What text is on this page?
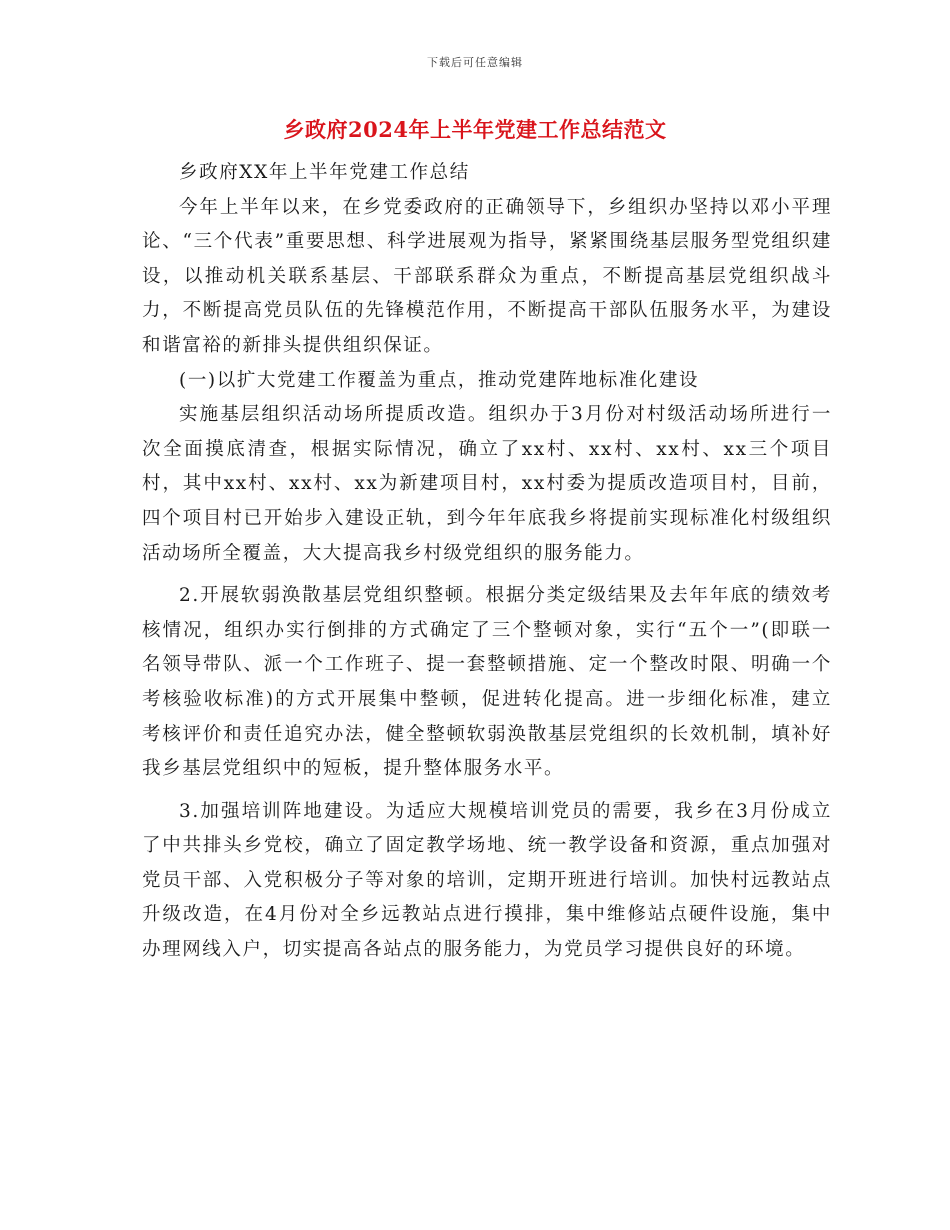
下载后可任意编辑
乡政府2024年上半年党建工作总结范文

乡政府XX年上半年党建工作总结

今年上半年以来，在乡党委政府的正确领导下，乡组织办坚持以邓小平理论、“三个代表”重要思想、科学进展观为指导，紧紧围绕基层服务型党组织建设，以推动机关联系基层、干部联系群众为重点，不断提高基层党组织战斗力，不断提高党员队伍的先锋模范作用，不断提高干部队伍服务水平，为建设和谐富裕的新排头提供组织保证。

(一)以扩大党建工作覆盖为重点，推动党建阵地标准化建设

实施基层组织活动场所提质改造。组织办于3月份对村级活动场所进行一次全面摸底清查，根据实际情况，确立了xx村、xx村、xx村、xx三个项目村，其中xx村、xx村、xx为新建项目村，xx村委为提质改造项目村，目前，四个项目村已开始步入建设正轨，到今年年底我乡将提前实现标准化村级组织活动场所全覆盖，大大提高我乡村级党组织的服务能力。

2.开展软弱涣散基层党组织整顿。根据分类定级结果及去年年底的绩效考核情况，组织办实行倒排的方式确定了三个整顿对象，实行“五个一”(即联一名领导带队、派一个工作班子、提一套整顿措施、定一个整改时限、明确一个考核验收标准)的方式开展集中整顿，促进转化提高。进一步细化标准，建立考核评价和责任追究办法，健全整顿软弱涣散基层党组织的长效机制，填补好我乡基层党组织中的短板，提升整体服务水平。

3.加强培训阵地建设。为适应大规模培训党员的需要，我乡在3月份成立了中共排头乡党校，确立了固定教学场地、统一教学设备和资源，重点加强对党员干部、入党积极分子等对象的培训，定期开班进行培训。加快村远教站点升级改造，在4月份对全乡远教站点进行摸排，集中维修站点硬件设施，集中办理网线入户，切实提高各站点的服务能力，为党员学习提供良好的环境。
